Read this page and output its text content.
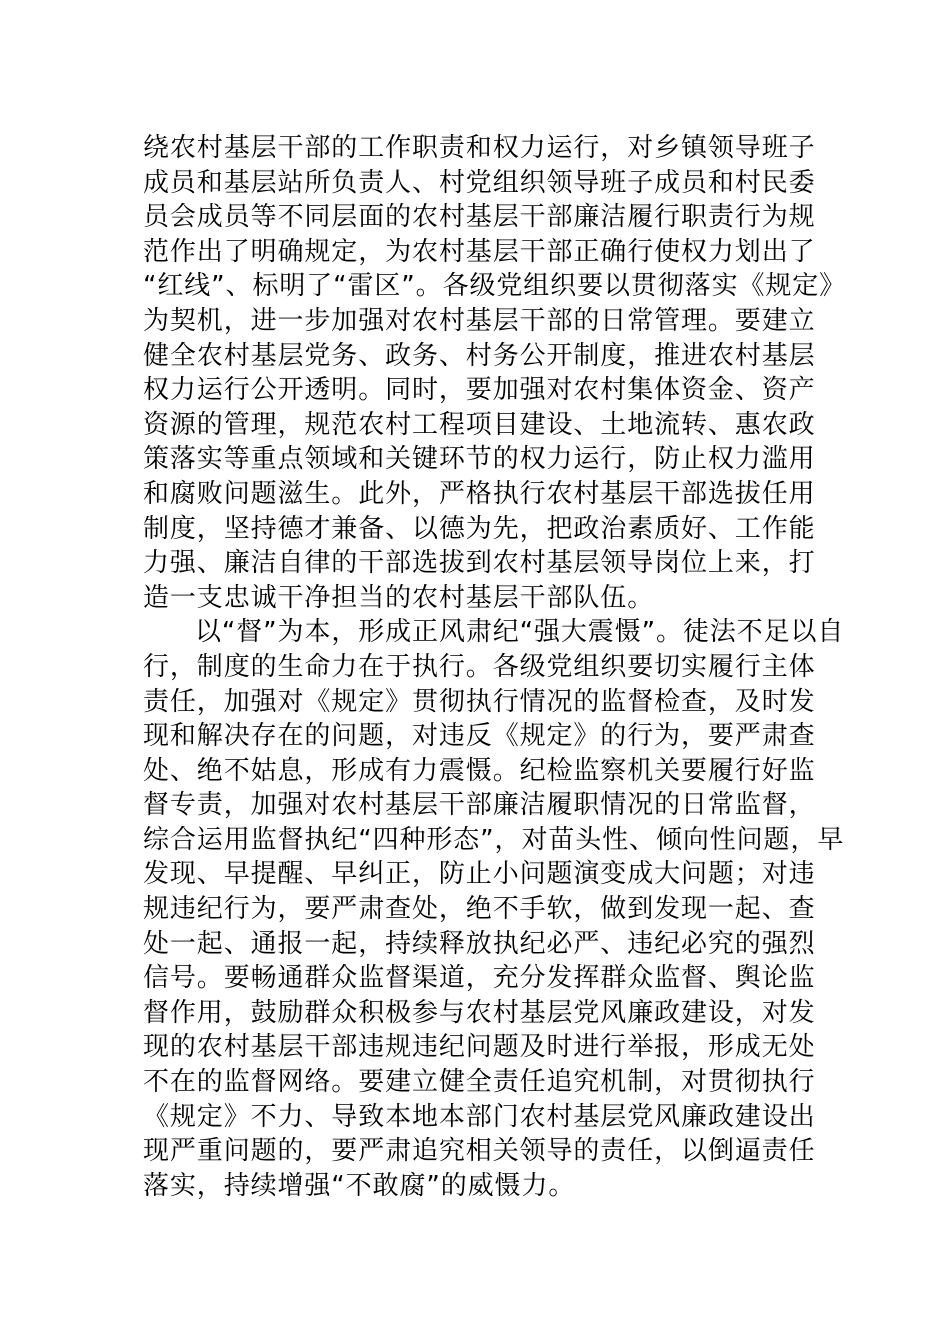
绕农村基层干部的工作职责和权力运行，对乡镇领导班子
成员和基层站所负责人、村党组织领导班子成员和村民委
员会成员等不同层面的农村基层干部廉洁履行职责行为规
范作出了明确规定，为农村基层干部正确行使权力划出了
“红线”、标明了“雷区”。各级党组织要以贯彻落实《规定》
为契机，进一步加强对农村基层干部的日常管理。要建立
健全农村基层党务、政务、村务公开制度，推进农村基层
权力运行公开透明。同时，要加强对农村集体资金、资产
资源的管理，规范农村工程项目建设、土地流转、惠农政
策落实等重点领域和关键环节的权力运行，防止权力滥用
和腐败问题滋生。此外，严格执行农村基层干部选拔任用
制度，坚持德才兼备、以德为先，把政治素质好、工作能
力强、廉洁自律的干部选拔到农村基层领导岗位上来，打
造一支忠诚干净担当的农村基层干部队伍。
以“督”为本，形成正风肃纪“强大震慑”。徒法不足以自
行，制度的生命力在于执行。各级党组织要切实履行主体
责任，加强对《规定》贯彻执行情况的监督检查，及时发
现和解决存在的问题，对违反《规定》的行为，要严肃查
处、绝不姑息，形成有力震慑。纪检监察机关要履行好监
督专责，加强对农村基层干部廉洁履职情况的日常监督，
综合运用监督执纪“四种形态”，对苗头性、倾向性问题，早
发现、早提醒、早纠正，防止小问题演变成大问题；对违
规违纪行为，要严肃查处，绝不手软，做到发现一起、查
处一起、通报一起，持续释放执纪必严、违纪必究的强烈
信号。要畅通群众监督渠道，充分发挥群众监督、舆论监
督作用，鼓励群众积极参与农村基层党风廉政建设，对发
现的农村基层干部违规违纪问题及时进行举报，形成无处
不在的监督网络。要建立健全责任追究机制，对贯彻执行
《规定》不力、导致本地本部门农村基层党风廉政建设出
现严重问题的，要严肃追究相关领导的责任，以倒逼责任
落实，持续增强“不敢腐”的威慑力。
